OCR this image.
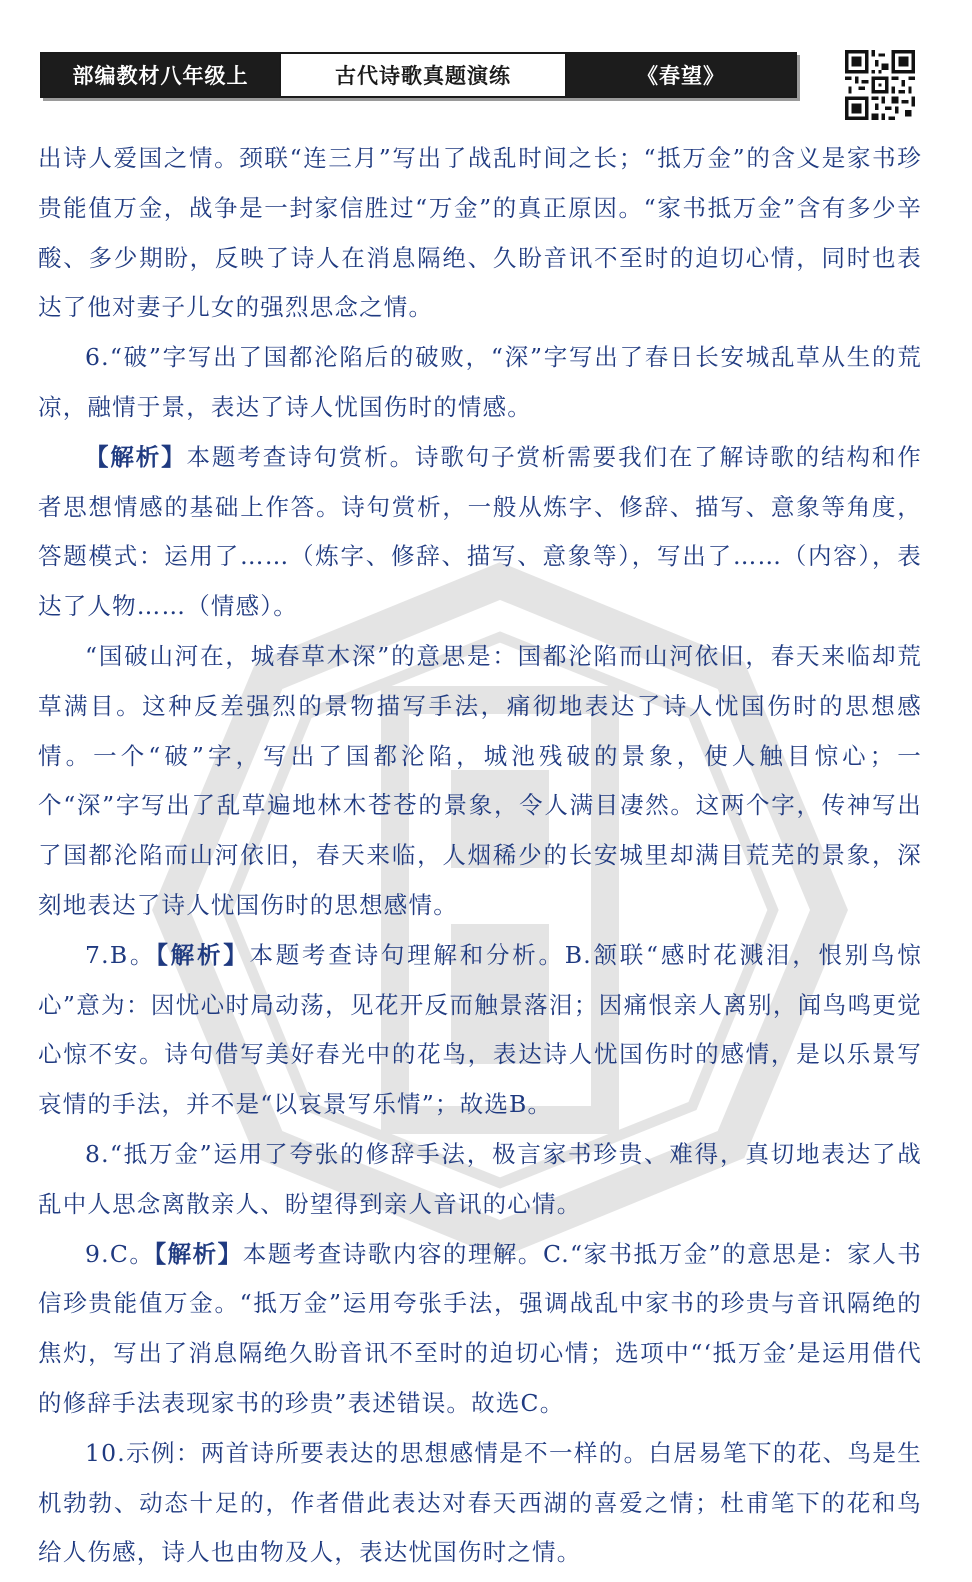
部编教材八年级上	古代诗歌真题演练	《春望》

出诗人爱国之情。颈联“连三月”写出了战乱时间之长；“抵万金”的含义是家书珍贵能值万金，战争是一封家信胜过“万金”的真正原因。“家书抵万金”含有多少辛酸、多少期盼，反映了诗人在消息隔绝、久盼音讯不至时的迫切心情，同时也表达了他对妻子儿女的强烈思念之情。

6.“破”字写出了国都沦陷后的破败，“深”字写出了春日长安城乱草从生的荒凉，融情于景，表达了诗人忧国伤时的情感。

【解析】本题考查诗句赏析。诗歌句子赏析需要我们在了解诗歌的结构和作者思想情感的基础上作答。诗句赏析，一般从炼字、修辞、描写、意象等角度，答题模式：运用了……（炼字、修辞、描写、意象等），写出了……（内容），表达了人物……（情感）。

“国破山河在，城春草木深”的意思是：国都沦陷而山河依旧，春天来临却荒草满目。这种反差强烈的景物描写手法，痛彻地表达了诗人忧国伤时的思想感情。一个“破”字，写出了国都沦陷，城池残破的景象，使人触目惊心；一个“深”字写出了乱草遍地林木苍苍的景象，令人满目凄然。这两个字，传神写出了国都沦陷而山河依旧，春天来临，人烟稀少的长安城里却满目荒芜的景象，深刻地表达了诗人忧国伤时的思想感情。

7.B。【解析】本题考查诗句理解和分析。B.颔联“感时花溅泪，恨别鸟惊心”意为：因忧心时局动荡，见花开反而触景落泪；因痛恨亲人离别，闻鸟鸣更觉心惊不安。诗句借写美好春光中的花鸟，表达诗人忧国伤时的感情，是以乐景写哀情的手法，并不是“以哀景写乐情”；故选B。

8.“抵万金”运用了夸张的修辞手法，极言家书珍贵、难得，真切地表达了战乱中人思念离散亲人、盼望得到亲人音讯的心情。

9.C。【解析】本题考查诗歌内容的理解。C.“家书抵万金”的意思是：家人书信珍贵能值万金。“抵万金”运用夸张手法，强调战乱中家书的珍贵与音讯隔绝的焦灼，写出了消息隔绝久盼音讯不至时的迫切心情；选项中“‘抵万金’是运用借代的修辞手法表现家书的珍贵”表述错误。故选C。

10.示例：两首诗所要表达的思想感情是不一样的。白居易笔下的花、鸟是生机勃勃、动态十足的，作者借此表达对春天西湖的喜爱之情；杜甫笔下的花和鸟给人伤感，诗人也由物及人，表达忧国伤时之情。
